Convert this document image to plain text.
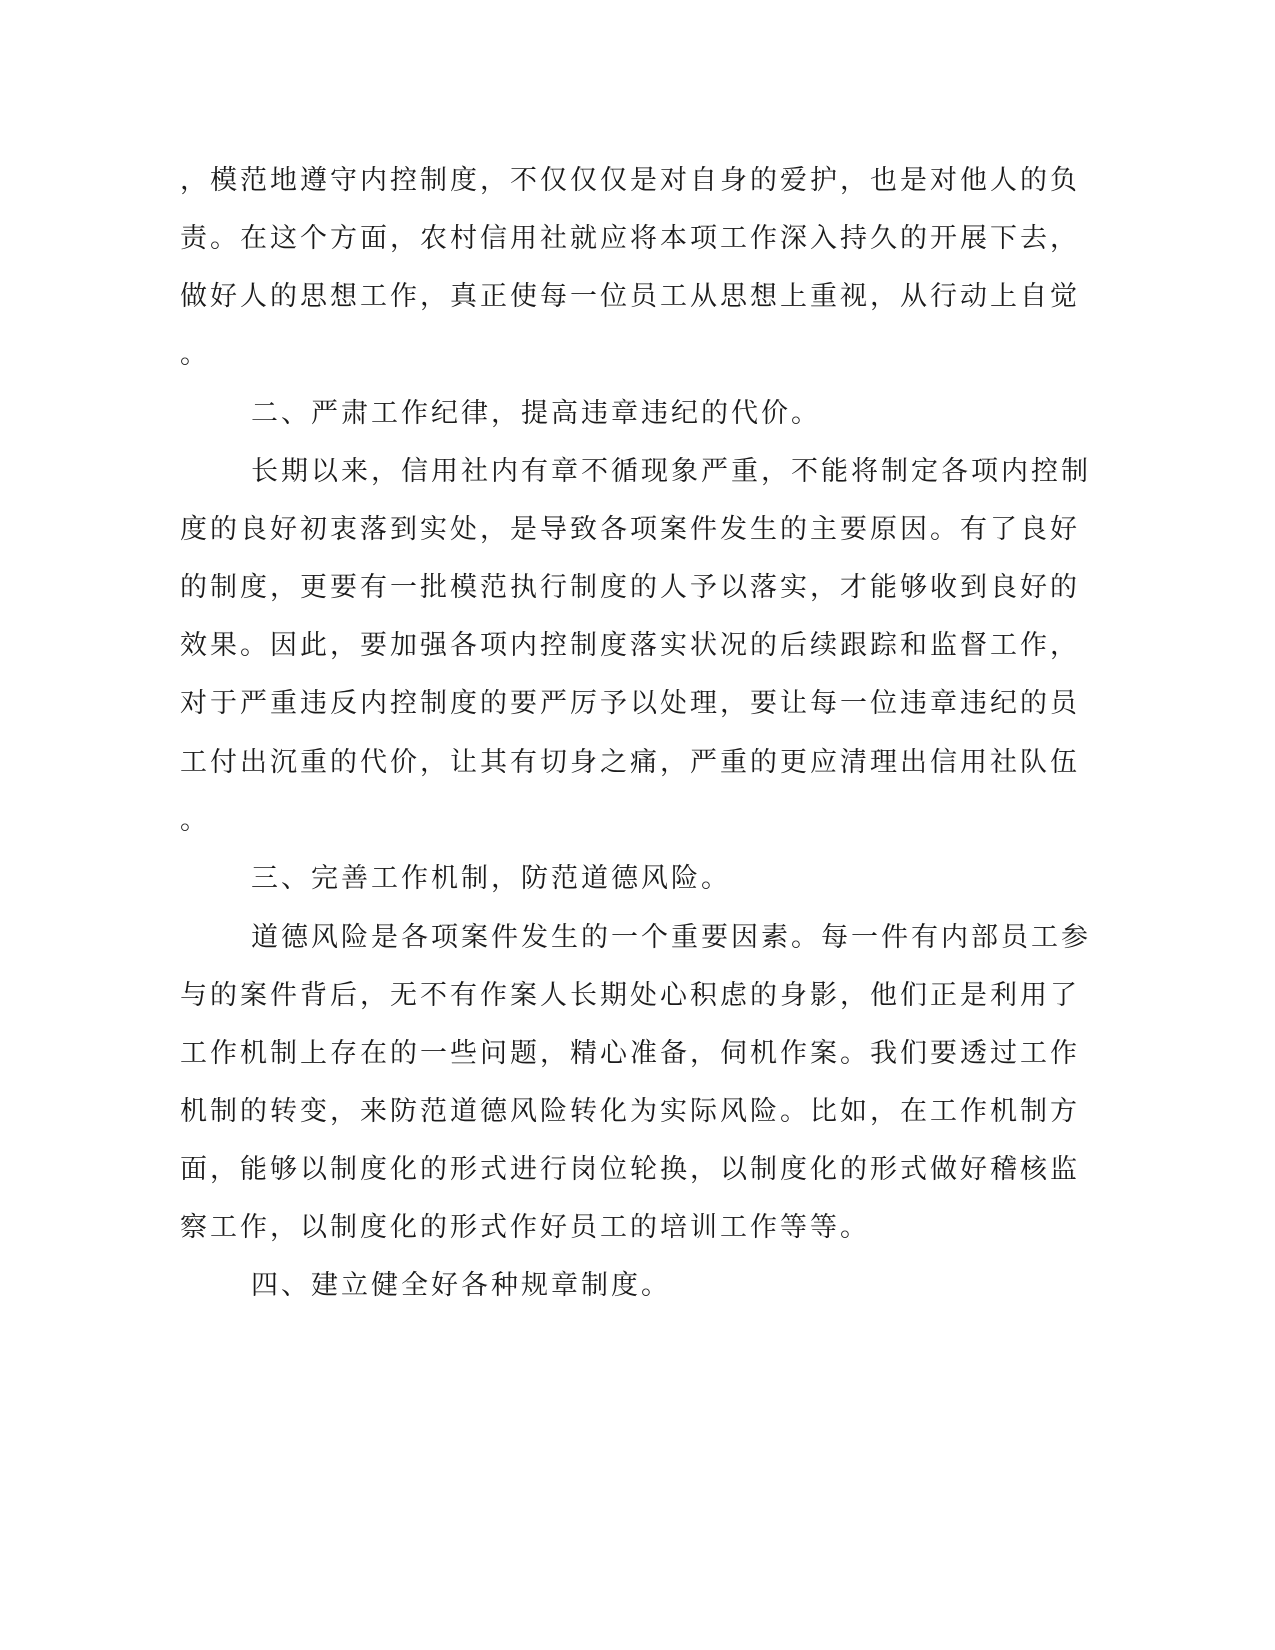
，模范地遵守内控制度，不仅仅仅是对自身的爱护，也是对他人的负

责。在这个方面，农村信用社就应将本项工作深入持久的开展下去，

做好人的思想工作，真正使每一位员工从思想上重视，从行动上自觉

。

二、严肃工作纪律，提高违章违纪的代价。

长期以来，信用社内有章不循现象严重，不能将制定各项内控制

度的良好初衷落到实处，是导致各项案件发生的主要原因。有了良好

的制度，更要有一批模范执行制度的人予以落实，才能够收到良好的

效果。因此，要加强各项内控制度落实状况的后续跟踪和监督工作，

对于严重违反内控制度的要严厉予以处理，要让每一位违章违纪的员

工付出沉重的代价，让其有切身之痛，严重的更应清理出信用社队伍

。

三、完善工作机制，防范道德风险。

道德风险是各项案件发生的一个重要因素。每一件有内部员工参

与的案件背后，无不有作案人长期处心积虑的身影，他们正是利用了

工作机制上存在的一些问题，精心准备，伺机作案。我们要透过工作

机制的转变，来防范道德风险转化为实际风险。比如，在工作机制方

面，能够以制度化的形式进行岗位轮换，以制度化的形式做好稽核监

察工作，以制度化的形式作好员工的培训工作等等。

四、建立健全好各种规章制度。
